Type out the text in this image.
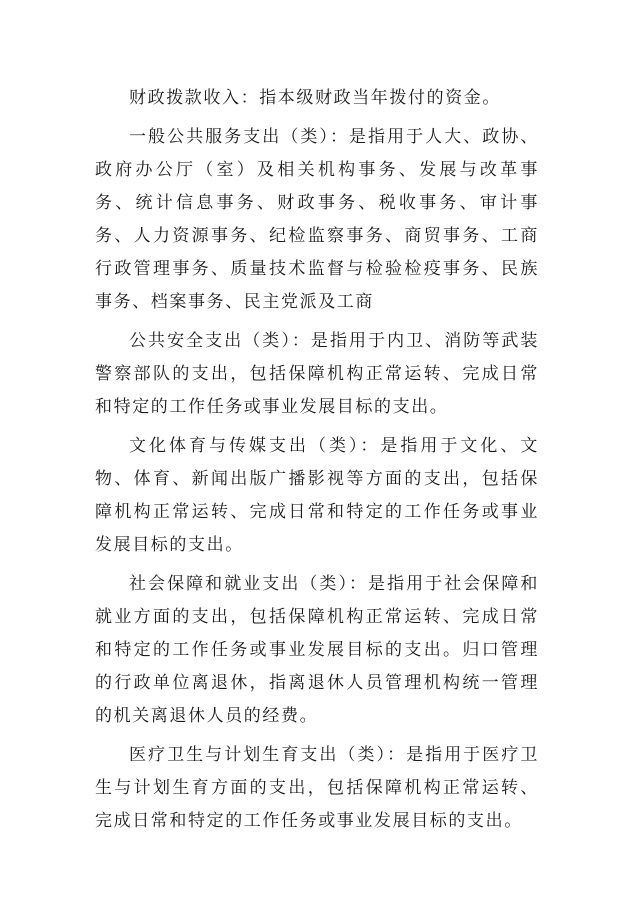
财政拨款收入：指本级财政当年拨付的资金。

一般公共服务支出（类）：是指用于人大、政协、政府办公厅（室）及相关机构事务、发展与改革事务、统计信息事务、财政事务、税收事务、审计事务、人力资源事务、纪检监察事务、商贸事务、工商行政管理事务、质量技术监督与检验检疫事务、民族事务、档案事务、民主党派及工商

公共安全支出（类）：是指用于内卫、消防等武装警察部队的支出，包括保障机构正常运转、完成日常和特定的工作任务或事业发展目标的支出。

文化体育与传媒支出（类）：是指用于文化、文物、体育、新闻出版广播影视等方面的支出，包括保障机构正常运转、完成日常和特定的工作任务或事业发展目标的支出。

社会保障和就业支出（类）：是指用于社会保障和就业方面的支出，包括保障机构正常运转、完成日常和特定的工作任务或事业发展目标的支出。归口管理的行政单位离退休，指离退休人员管理机构统一管理的机关离退休人员的经费。

医疗卫生与计划生育支出（类）：是指用于医疗卫生与计划生育方面的支出，包括保障机构正常运转、完成日常和特定的工作任务或事业发展目标的支出。
